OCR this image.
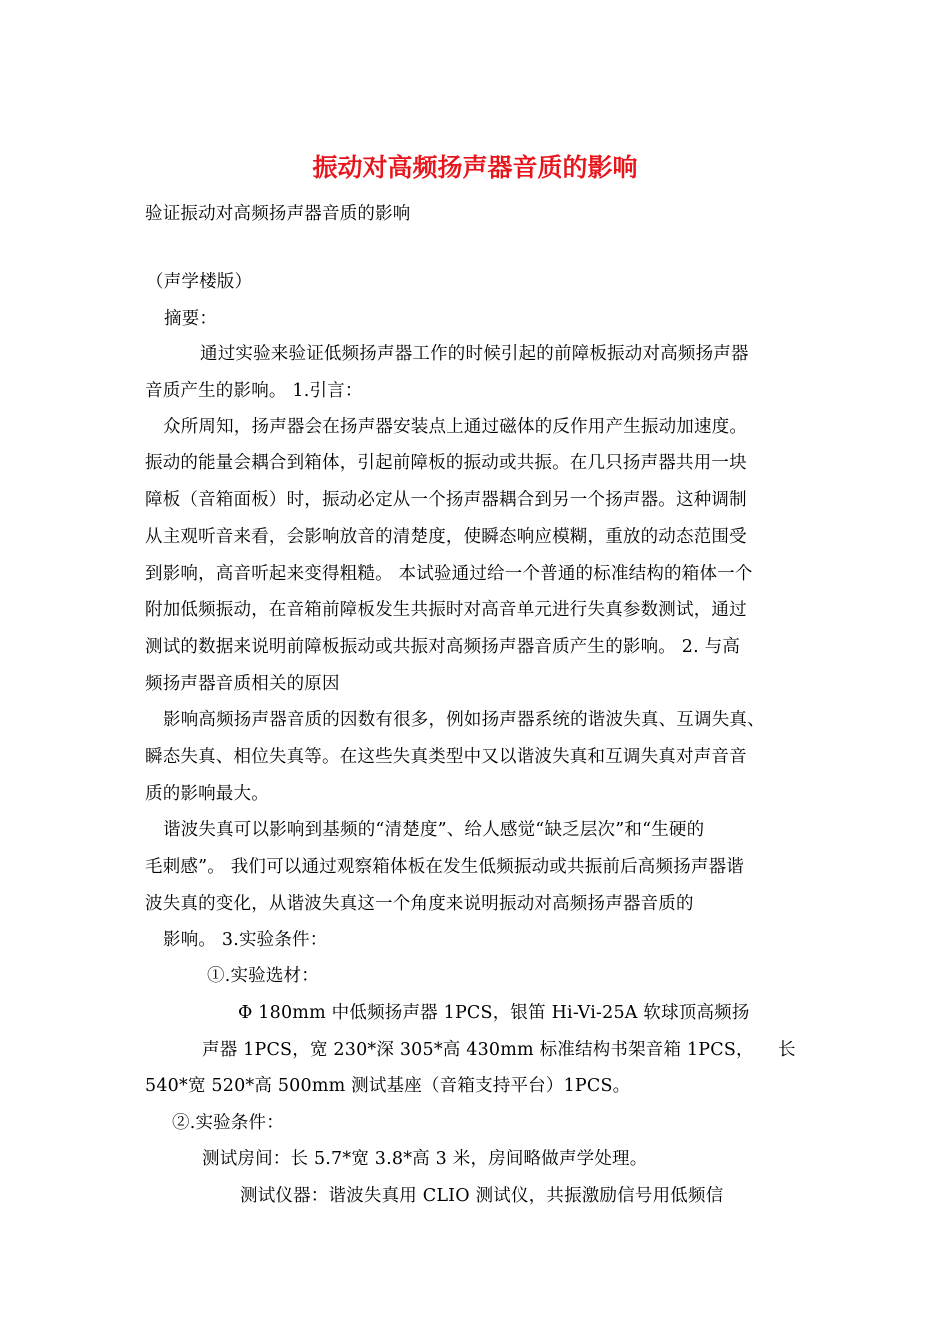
振动对高频扬声器音质的影响
验证振动对高频扬声器音质的影响
（声学楼版）
摘要：
通过实验来验证低频扬声器工作的时候引起的前障板振动对高频扬声器
音质产生的影响。 1.引言：
众所周知，扬声器会在扬声器安装点上通过磁体的反作用产生振动加速度。
振动的能量会耦合到箱体，引起前障板的振动或共振。在几只扬声器共用一块
障板（音箱面板）时，振动必定从一个扬声器耦合到另一个扬声器。这种调制
从主观听音来看，会影响放音的清楚度，使瞬态响应模糊，重放的动态范围受
到影响，高音听起来变得粗糙。 本试验通过给一个普通的标准结构的箱体一个
附加低频振动，在音箱前障板发生共振时对高音单元进行失真参数测试，通过
测试的数据来说明前障板振动或共振对高频扬声器音质产生的影响。 2. 与高
频扬声器音质相关的原因
影响高频扬声器音质的因数有很多，例如扬声器系统的谐波失真、互调失真、
瞬态失真、相位失真等。在这些失真类型中又以谐波失真和互调失真对声音音
质的影响最大。
谐波失真可以影响到基频的“清楚度”、给人感觉“缺乏层次”和“生硬的
毛刺感”。 我们可以通过观察箱体板在发生低频振动或共振前后高频扬声器谐
波失真的变化，从谐波失真这一个角度来说明振动对高频扬声器音质的
影响。 3.实验条件：
①.实验选材：
Φ 180mm 中低频扬声器 1PCS，银笛 Hi-Vi-25A 软球顶高频扬
声器 1PCS，宽 230*深 305*高 430mm 标准结构书架音箱 1PCS， 长
540*宽 520*高 500mm 测试基座（音箱支持平台）1PCS。
②.实验条件：
测试房间：长 5.7*宽 3.8*高 3 米，房间略做声学处理。
测试仪器：谐波失真用 CLIO 测试仪，共振激励信号用低频信
